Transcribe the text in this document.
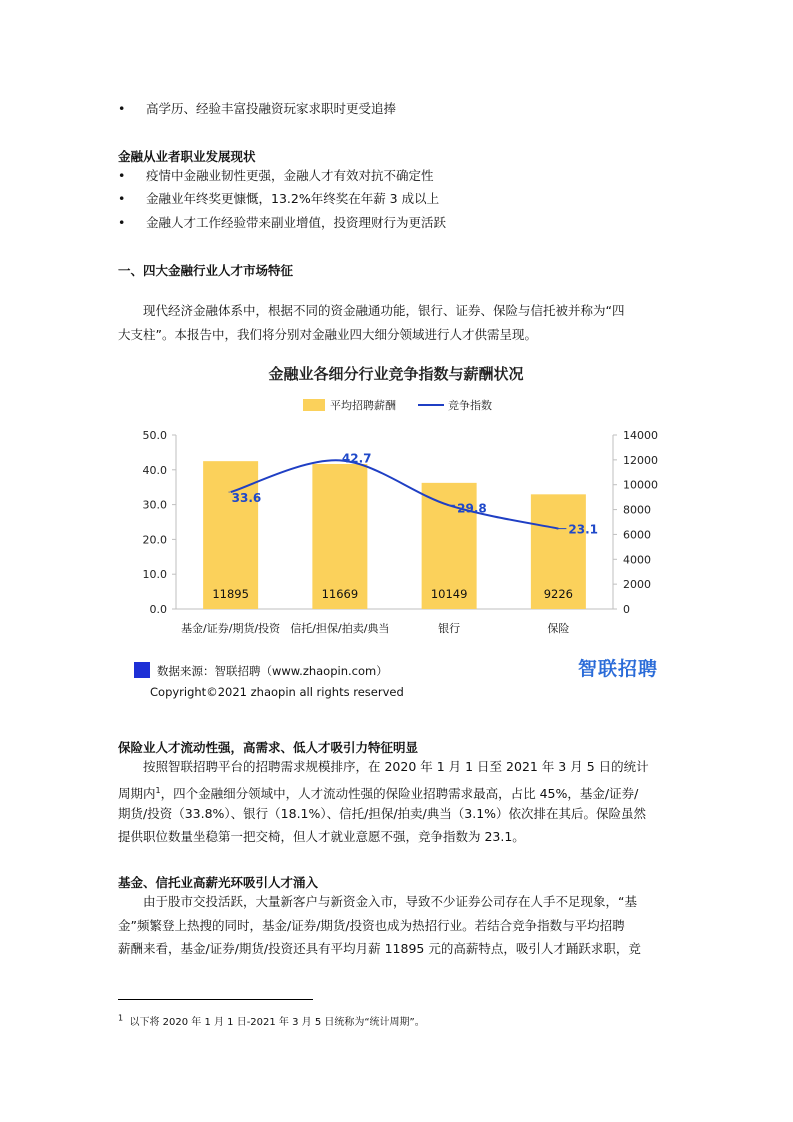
• 高学历、经验丰富投融资玩家求职时更受追捧
金融从业者职业发展现状
• 疫情中金融业韧性更强，金融人才有效对抗不确定性
• 金融业年终奖更慷慨，13.2%年终奖在年薪 3 成以上
• 金融人才工作经验带来副业增值，投资理财行为更活跃
一、四大金融行业人才市场特征
现代经济金融体系中，根据不同的资金融通功能，银行、证券、保险与信托被并称为“四
大支柱”。本报告中，我们将分别对金融业四大细分领域进行人才供需呈现。
金融业各细分行业竞争指数与薪酬状况
平均招聘薪酬	竞争指数
0.0
10.0
20.0
30.0
40.0
50.0
0
2000
4000
6000
8000
10000
12000
14000
11895	11669	10149	9226
33.6
42.7
29.8
23.1
基金/证券/期货/投资 信托/担保/拍卖/典当	银行	保险
数据来源：智联招聘（www.zhaopin.com）	智联招聘
Copyright©2021 zhaopin all rights reserved
保险业人才流动性强，高需求、低人才吸引力特征明显
按照智联招聘平台的招聘需求规模排序，在 2020 年 1 月 1 日至 2021 年 3 月 5 日的统计
周期内$^1$，四个金融细分领域中，人才流动性强的保险业招聘需求最高，占比 45%，基金/证券/
期货/投资（33.8%）、银行（18.1%）、信托/担保/拍卖/典当（3.1%）依次排在其后。保险虽然
提供职位数量坐稳第一把交椅，但人才就业意愿不强，竞争指数为 23.1。
基金、信托业高薪光环吸引人才涌入
由于股市交投活跃，大量新客户与新资金入市，导致不少证券公司存在人手不足现象，“基
金”频繁登上热搜的同时，基金/证券/期货/投资也成为热招行业。若结合竞争指数与平均招聘
薪酬来看，基金/证券/期货/投资还具有平均月薪 11895 元的高薪特点，吸引人才踊跃求职，竞
$^1$ 以下将 2020 年 1 月 1 日-2021 年 3 月 5 日统称为“统计周期”。
